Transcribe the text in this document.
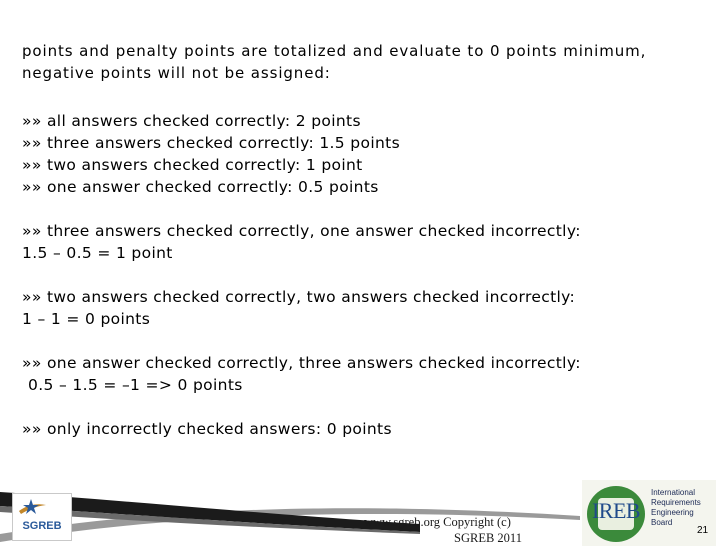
points and penalty points are totalized and evaluate to 0 points minimum,
negative points will not be assigned:
»» all answers checked correctly: 2 points
»» three answers checked correctly: 1.5 points
»» two answers checked correctly: 1 point
»» one answer checked correctly: 0.5 points
»» three answers checked correctly, one answer checked incorrectly:
1.5 – 0.5 = 1 point
»» two answers checked correctly, two answers checked incorrectly:
1 – 1 = 0 points
»» one answer checked correctly, three answers checked incorrectly:
0.5 – 1.5 = –1 => 0 points
»» only incorrectly checked answers: 0 points
SGREB	www.sgreb.org Copyright (c)
SGREB 2011
IREB
International
Requirements
Engineering
Board
21
